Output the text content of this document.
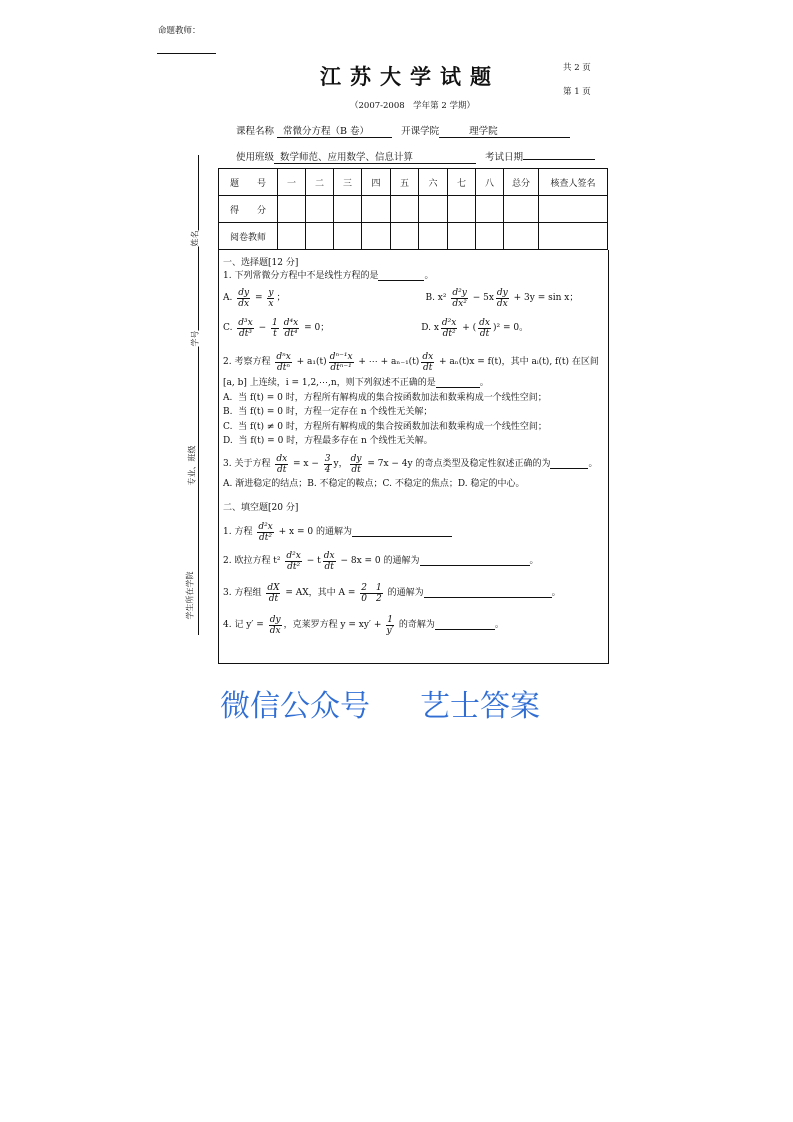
命题教师：
江苏大学试题	共 2 页
第 1 页
（2007-2008　学年第 2 学期）
课程名称 常微分方程（B 卷）	开课学院	理学院
使用班级 数学师范、应用数学、信息计算	考试日期
姓名
学号
专业、班级
学生所在学院
题　　号	一	二	三	四	五	六	七	八	总分	核查人签名
得　　分										
阅卷教师										
一、选择题[12 分]
1. 下列常微分方程中不是线性方程的是	。
A. $\frac{dy}{dx} = \frac{y}{x}$ ；	B. $x^2 \frac{\text{d²y}}{\text{dx²}} - 5x \frac{dy}{dx} + 3y = \sin x$；
C. $\frac{\text{d³x}}{\text{dt³}} - \frac{1}{t} \frac{\text{d⁴x}}{\text{dt⁴}} = 0$；	D. x $\frac{\text{d²x}}{\text{dt²}}$ + ( $\frac{dx}{dt} )^2 = 0$。
2. 考察方程 $\frac{\text{dⁿx}}{\text{dtⁿ}} + a_1(t) \frac{\text{dⁿ⁻¹x}}{\text{dtⁿ⁻¹}}$ + ⋯ + $a_{n-1}(t) \frac{dx}{dt} + a_n(t)x = f(t)$，其中 aᵢ(t), f(t) 在区间
[a, b] 上连续，i = 1,2,⋯,n，则下列叙述不正确的是	。
A.  当 f(t) = 0 时，方程所有解构成的集合按函数加法和数乘构成一个线性空间；
B.  当 f(t) = 0 时，方程一定存在 n 个线性无关解；
C.  当 f(t) ≠ 0 时，方程所有解构成的集合按函数加法和数乘构成一个线性空间；
D.  当 f(t) = 0 时，方程最多存在 n 个线性无关解。
3. 关于方程 $\frac{dx}{dt} = x - \frac{3}{4}$ y， $\frac{dy}{dt} = 7x - 4y$ 的奇点类型及稳定性叙述正确的为	。
A. 渐进稳定的结点；B. 不稳定的鞍点；C. 不稳定的焦点；D. 稳定的中心。
二、填空题[20 分]
1. 方程 $\frac{\text{d²x}}{\text{dt²}} + x = 0$ 的通解为
2. 欧拉方程 $t^2 \frac{\text{d²x}}{\text{dt²}} - t \frac{dx}{dt} - 8x = 0$ 的通解为	。
3. 方程组 $\frac{dX}{dt}$ = AX，其中 $A = \frac{2 1}{0 2}$ 的通解为	。
4. 记 $y' = \frac{dy}{dx}$ ，克莱罗方程 $y = xy' + \frac{1}{y'}$ 的奇解为	。
艺士答案
微信公众号
